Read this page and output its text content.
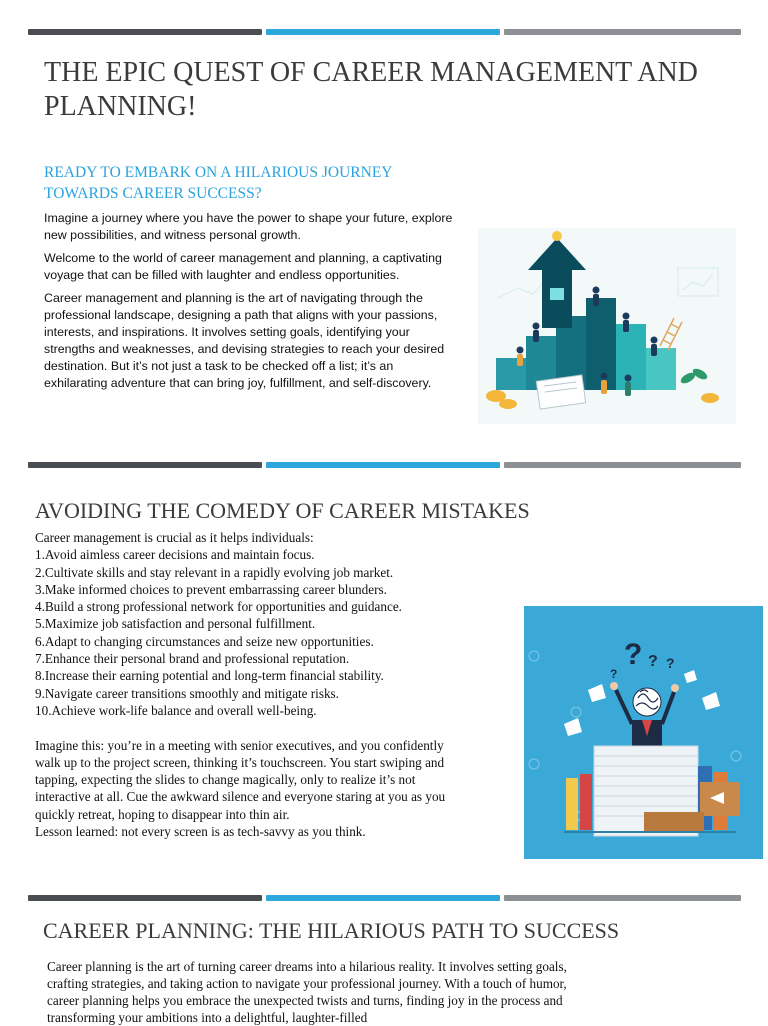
THE EPIC QUEST OF CAREER MANAGEMENT AND PLANNING!
READY TO EMBARK ON A HILARIOUS JOURNEY TOWARDS CAREER SUCCESS?

Imagine a journey where you have the power to shape your future, explore new possibilities, and witness personal growth.

Welcome to the world of career management and planning, a captivating voyage that can be filled with laughter and endless opportunities.

Career management and planning is the art of navigating through the professional landscape, designing a path that aligns with your passions, interests, and inspirations. It involves setting goals, identifying your strengths and weaknesses, and devising strategies to reach your desired destination. But it’s not just a task to be checked off a list; it’s an exhilarating adventure that can bring joy, fulfillment, and self-discovery.

AVOIDING THE COMEDY OF CAREER MISTAKES
Career management is crucial as it helps individuals:
1.Avoid aimless career decisions and maintain focus.
2.Cultivate skills and stay relevant in a rapidly evolving job market.
3.Make informed choices to prevent embarrassing career blunders.
4.Build a strong professional network for opportunities and guidance.
5.Maximize job satisfaction and personal fulfillment.
6.Adapt to changing circumstances and seize new opportunities.
7.Enhance their personal brand and professional reputation.
8.Increase their earning potential and long-term financial stability.
9.Navigate career transitions smoothly and mitigate risks.
10.Achieve work-life balance and overall well-being.
Imagine this: you’re in a meeting with senior executives, and you confidently
walk up to the project screen, thinking it’s touchscreen. You start swiping and
tapping, expecting the slides to change magically, only to realize it’s not
interactive at all. Cue the awkward silence and everyone staring at you as you
quickly retreat, hoping to disappear into thin air.
Lesson learned: not every screen is as tech-savvy as you think.
? ? ?
?
CAREER PLANNING: THE HILARIOUS PATH TO SUCCESS

Career planning is the art of turning career dreams into a hilarious reality. It involves setting goals, crafting strategies, and taking action to navigate your professional journey. With a touch of humor, career planning helps you embrace the unexpected twists and turns, finding joy in the process and transforming your ambitions into a delightful, laughter-filled
